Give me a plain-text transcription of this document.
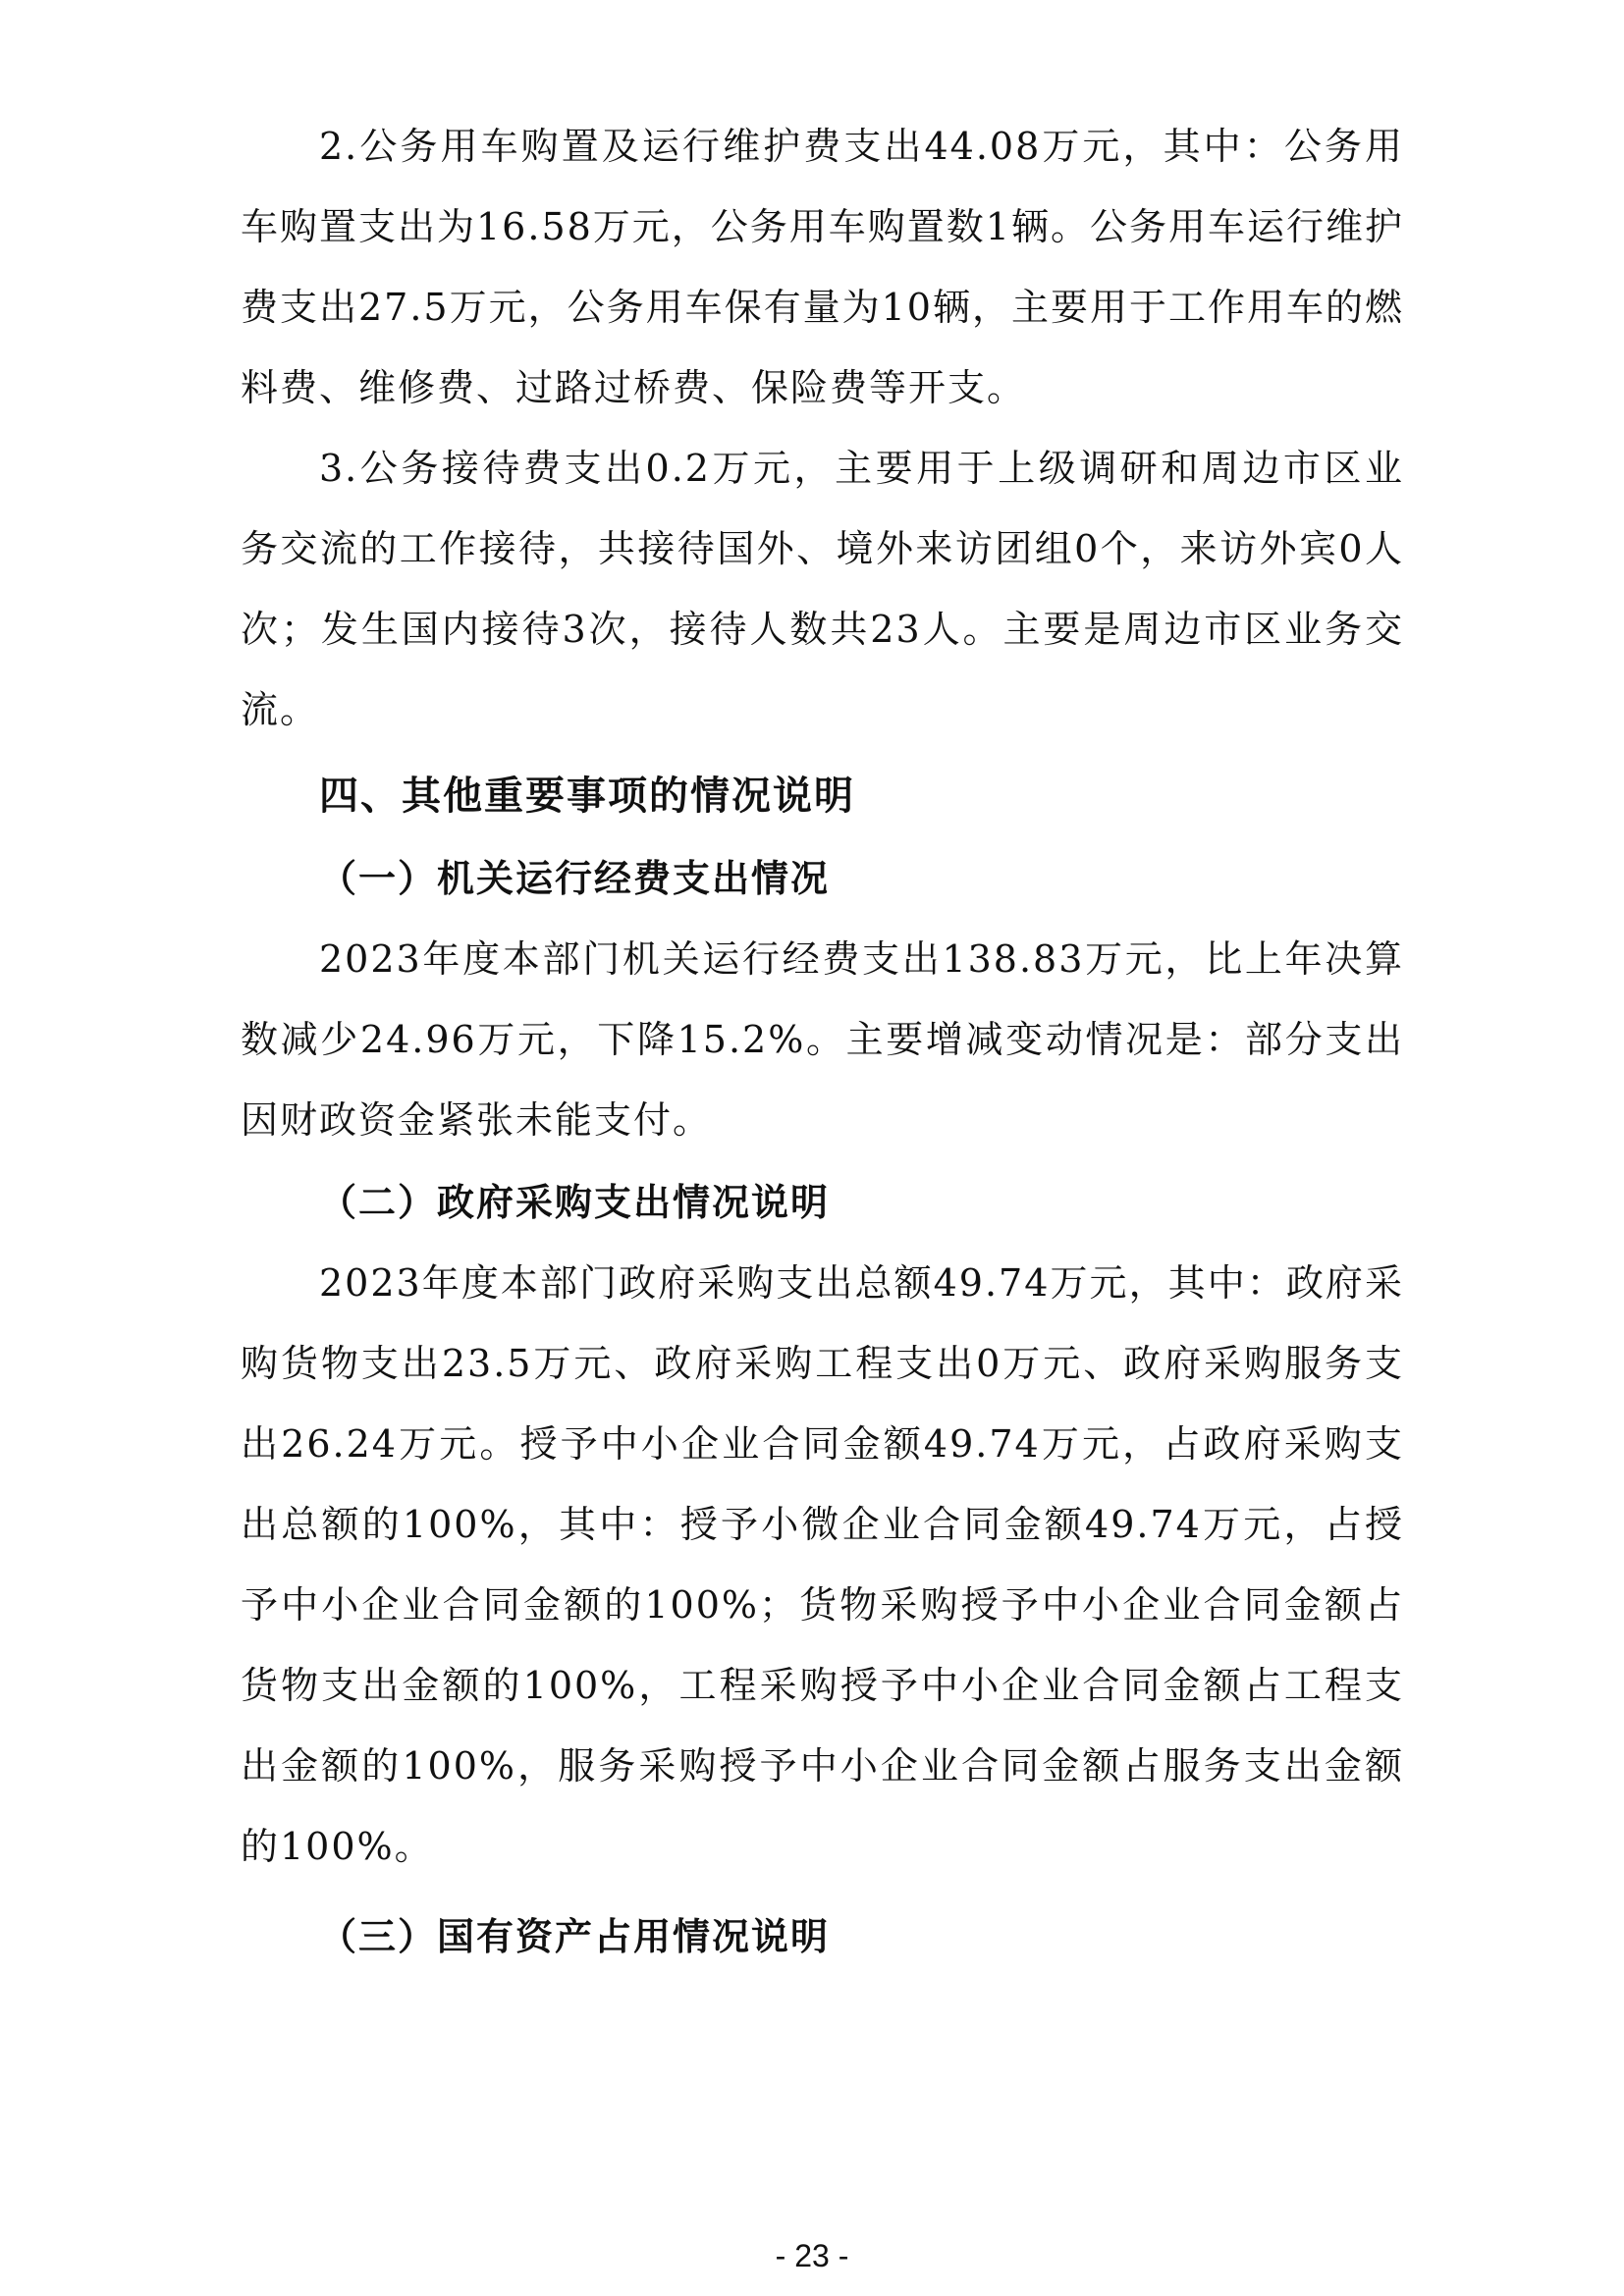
2.公务用车购置及运行维护费支出44.08万元，其中：公务用车购置支出为16.58万元，公务用车购置数1辆。公务用车运行维护费支出27.5万元，公务用车保有量为10辆，主要用于工作用车的燃料费、维修费、过路过桥费、保险费等开支。

3.公务接待费支出0.2万元，主要用于上级调研和周边市区业务交流的工作接待，共接待国外、境外来访团组0个，来访外宾0人次；发生国内接待3次，接待人数共23人。主要是周边市区业务交流。

四、其他重要事项的情况说明
（一）机关运行经费支出情况

2023年度本部门机关运行经费支出138.83万元，比上年决算数减少24.96万元，下降15.2%。主要增减变动情况是：部分支出因财政资金紧张未能支付。

（二）政府采购支出情况说明

2023年度本部门政府采购支出总额49.74万元，其中：政府采购货物支出23.5万元、政府采购工程支出0万元、政府采购服务支出26.24万元。授予中小企业合同金额49.74万元，占政府采购支出总额的100%，其中：授予小微企业合同金额49.74万元，占授予中小企业合同金额的100%；货物采购授予中小企业合同金额占货物支出金额的100%，工程采购授予中小企业合同金额占工程支出金额的100%，服务采购授予中小企业合同金额占服务支出金额的100%。

（三）国有资产占用情况说明
- 23 -
